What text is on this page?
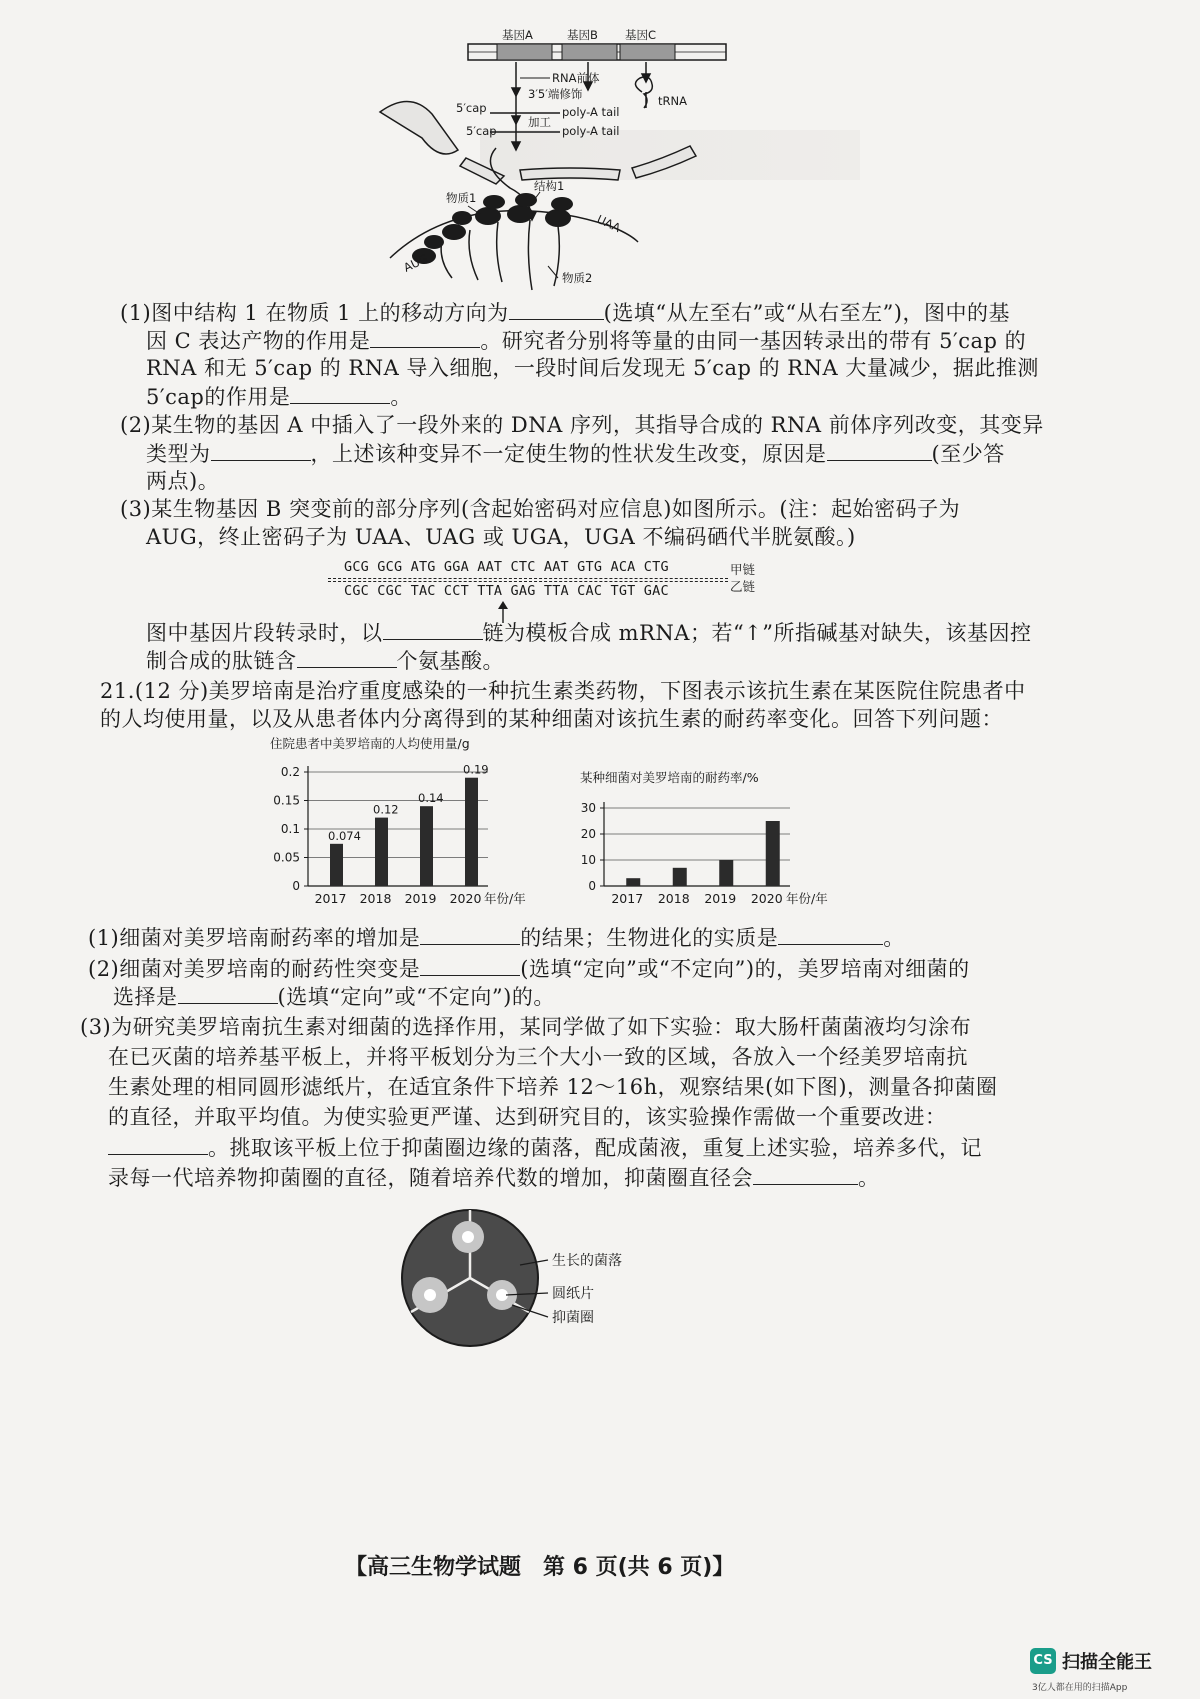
基因A	基因B 基因C
RNA前体
3′5′端修饰
5′cap	poly-A tail
加工
5′cap	poly-A tail
tRNA
物质1
结构1
AUG
UAA
物质2
(1)图中结构 1 在物质 1 上的移动方向为	(选填“从左至右”或“从右至左”)，图中的基
因 C 表达产物的作用是	。研究者分别将等量的由同一基因转录出的带有 5′cap 的
RNA 和无 5′cap 的 RNA 导入细胞，一段时间后发现无 5′cap 的 RNA 大量减少，据此推测
5′cap的作用是	。
(2)某生物的基因 A 中插入了一段外来的 DNA 序列，其指导合成的 RNA 前体序列改变，其变异
类型为	，上述该种变异不一定使生物的性状发生改变，原因是	(至少答
两点)。
(3)某生物基因 B 突变前的部分序列(含起始密码对应信息)如图所示。(注：起始密码子为
AUG，终止密码子为 UAA、UAG 或 UGA，UGA 不编码硒代半胱氨酸。)
GCG GCG ATG GGA AAT CTC AAT GTG ACA CTG
CGC CGC TAC CCT TTA GAG TTA CAC TGT GAC
甲链
乙链
图中基因片段转录时，以	链为模板合成 mRNA；若“↑”所指碱基对缺失，该基因控
制合成的肽链含	个氨基酸。
21.(12 分)美罗培南是治疗重度感染的一种抗生素类药物，下图表示该抗生素在某医院住院患者中
的人均使用量，以及从患者体内分离得到的某种细菌对该抗生素的耐药率变化。回答下列问题：
住院患者中美罗培南的人均使用量/g
0
0.05
0.1
0.15
0.2
0.074
2017
0.12
2018
0.14
2019
0.19
2020 年份/年
某种细菌对美罗培南的耐药率/%
0
10
20
30
2017 2018 2019 2020 年份/年
(1)细菌对美罗培南耐药率的增加是	的结果；生物进化的实质是	。
(2)细菌对美罗培南的耐药性突变是	(选填“定向”或“不定向”)的，美罗培南对细菌的
选择是	(选填“定向”或“不定向”)的。
(3)为研究美罗培南抗生素对细菌的选择作用，某同学做了如下实验：取大肠杆菌菌液均匀涂布
在已灭菌的培养基平板上，并将平板划分为三个大小一致的区域，各放入一个经美罗培南抗
生素处理的相同圆形滤纸片，在适宜条件下培养 12～16h，观察结果(如下图)，测量各抑菌圈
的直径，并取平均值。为使实验更严谨、达到研究目的，该实验操作需做一个重要改进：
。挑取该平板上位于抑菌圈边缘的菌落，配成菌液，重复上述实验，培养多代，记
录每一代培养物抑菌圈的直径，随着培养代数的增加，抑菌圈直径会	。
生长的菌落
圆纸片
抑菌圈
【高三生物学试题　第 6 页(共 6 页)】
CS 扫描全能王
3亿人都在用的扫描App
